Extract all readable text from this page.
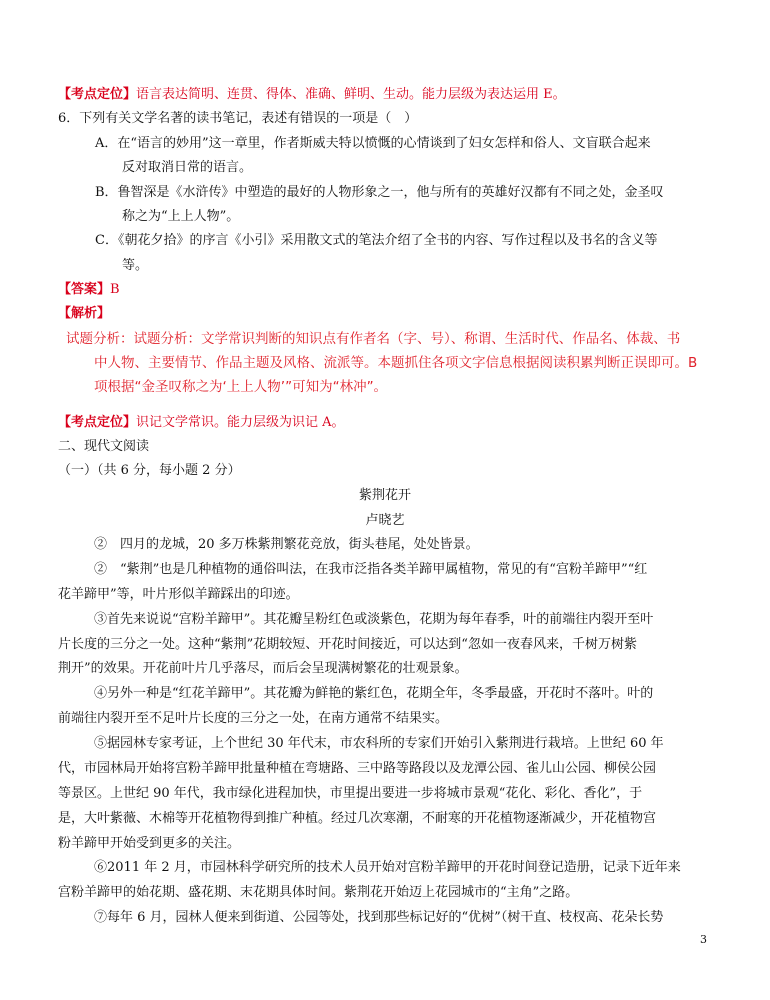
【考点定位】语言表达简明、连贯、得体、准确、鲜明、生动。能力层级为表达运用 E。
6．下列有关文学名著的读书笔记，表述有错误的一项是（　）
A．在“语言的妙用”这一章里，作者斯威夫特以愤慨的心情谈到了妇女怎样和俗人、文盲联合起来
反对取消日常的语言。
B．鲁智深是《水浒传》中塑造的最好的人物形象之一，他与所有的英雄好汉都有不同之处，金圣叹
称之为“上上人物”。
C．《朝花夕拾》的序言《小引》采用散文式的笔法介绍了全书的内容、写作过程以及书名的含义等
等。
【答案】B
【解析】
试题分析：试题分析：文学常识判断的知识点有作者名（字、号）、称谓、生活时代、作品名、体裁、书
中人物、主要情节、作品主题及风格、流派等。本题抓住各项文字信息根据阅读积累判断正误即可。B
项根据“金圣叹称之为‘上上人物’”可知为“林冲”。
【考点定位】识记文学常识。能力层级为识记 A。
二、现代文阅读
（一）（共 6 分，每小题 2 分）
紫荆花开
卢晓艺
②　四月的龙城，20 多万株紫荆繁花竞放，街头巷尾，处处皆景。
②　“紫荆”也是几种植物的通俗叫法，在我市泛指各类羊蹄甲属植物，常见的有“宫粉羊蹄甲”“红
花羊蹄甲”等，叶片形似羊蹄踩出的印迹。
③首先来说说“宫粉羊蹄甲”。其花瓣呈粉红色或淡紫色，花期为每年春季，叶的前端往内裂开至叶
片长度的三分之一处。这种“紫荆”花期较短、开花时间接近，可以达到“忽如一夜春风来，千树万树紫
荆开”的效果。开花前叶片几乎落尽，而后会呈现满树繁花的壮观景象。
④另外一种是“红花羊蹄甲”。其花瓣为鲜艳的紫红色，花期全年，冬季最盛，开花时不落叶。叶的
前端往内裂开至不足叶片长度的三分之一处，在南方通常不结果实。
⑤据园林专家考证，上个世纪 30 年代末，市农科所的专家们开始引入紫荆进行栽培。上世纪 60 年
代，市园林局开始将宫粉羊蹄甲批量种植在弯塘路、三中路等路段以及龙潭公园、雀儿山公园、柳侯公园
等景区。上世纪 90 年代，我市绿化进程加快，市里提出要进一步将城市景观“花化、彩化、香化”，于
是，大叶紫薇、木棉等开花植物得到推广种植。经过几次寒潮，不耐寒的开花植物逐渐减少，开花植物宫
粉羊蹄甲开始受到更多的关注。
⑥2011 年 2 月，市园林科学研究所的技术人员开始对宫粉羊蹄甲的开花时间登记造册，记录下近年来
宫粉羊蹄甲的始花期、盛花期、末花期具体时间。紫荆花开始迈上花园城市的“主角”之路。
⑦每年 6 月，园林人便来到街道、公园等处，找到那些标记好的“优树”（树干直、枝杈高、花朵长势
3
